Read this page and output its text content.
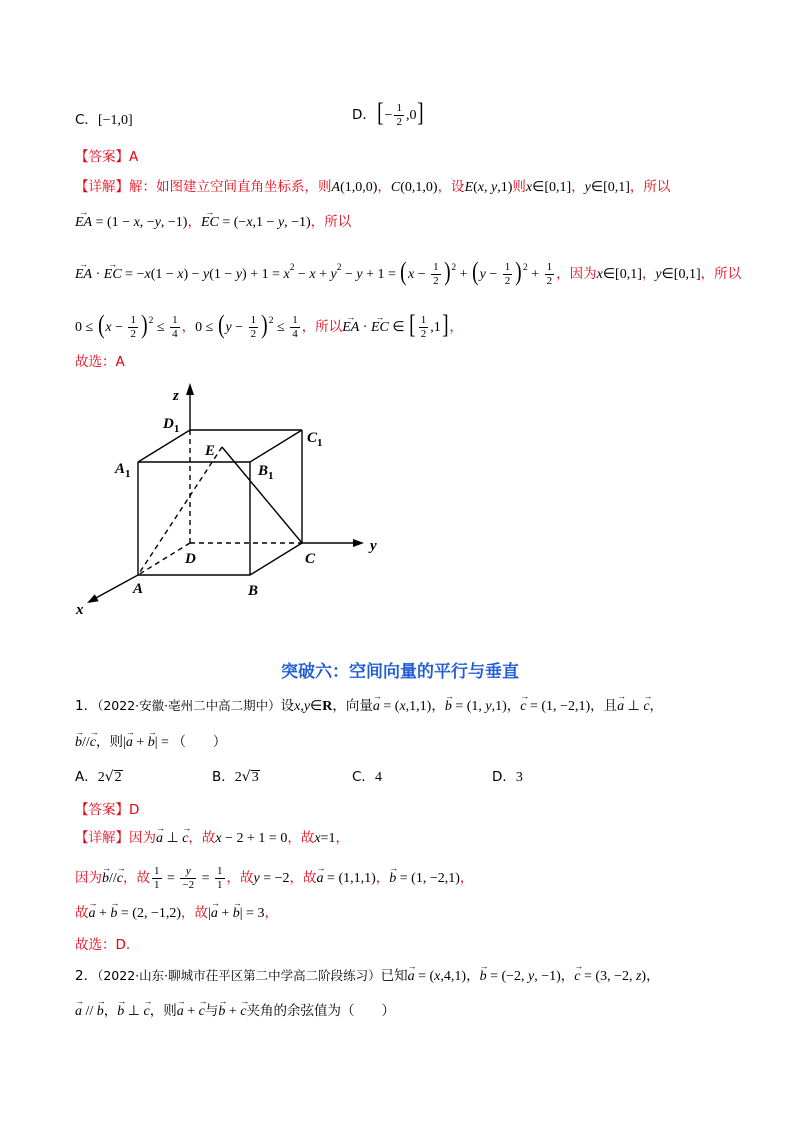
C．[−1,0]	D．[− $\frac{1}{2} ,0$]
【答案】A
【详解】解：如图建立空间直角坐标系，则A(1,0,0)，C(0,1,0)，设E(x, y,1)则x∈[0,1]，y∈[0,1]，所以
EA → = (1 − x, −y, −1)，EC → = (−x,1 − y, −1)，所以
EA → · EC → = $-x(1 - x) - y(1 - y) + 1 = x^2 - x + y^2 - y + 1 = (x - \frac{1}{2} )^2 + (y - \frac{1}{2} )^2 + \frac{1}{2}$ ，因为x∈[0,1]，y∈[0,1]，所以
$0 \le (x - \frac{1}{2} )^2 \le \frac{1}{4}$ ，$0 \le (y - \frac{1}{2} )^2 \le \frac{1}{4}$ ，所以EA → · EC → ∈ [ $\frac{1}{2} ,1$]，
故选：A
z
$D_1$
E
$C_1$
$A_1$	$B_1$
D	C
y
A	B
x
突破六：空间向量的平行与垂直
1．（2022·安徽·亳州二中高二期中）设x,y∈R，向量a → = (x,1,1)，b → = (1, y,1)，c → = (1, −2,1)，且a → ⊥ c →，
b →//c →，则|a → + b →| = （　　）
A．2√2	B．2√3	C．4	D．3
【答案】D
【详解】因为a → ⊥ c →，故x − 2 + 1 = 0，故x=1，
因为b →//c →，故 $\frac{1}{1} = \frac{y}{-2} = \frac{1}{1}$ ，故y = −2，故a → = (1,1,1)，b → = (1, −2,1)，
故a → + b → = (2, −1,2)，故|a → + b →| = 3，
故选：D.
2．（2022·山东·聊城市茌平区第二中学高二阶段练习）已知a → = (x,4,1)，b → = (−2, y, −1)，c → = (3, −2, z)，
a → // b →，b → ⊥ c →，则a → + c →与b → + c →夹角的余弦值为（　　）
